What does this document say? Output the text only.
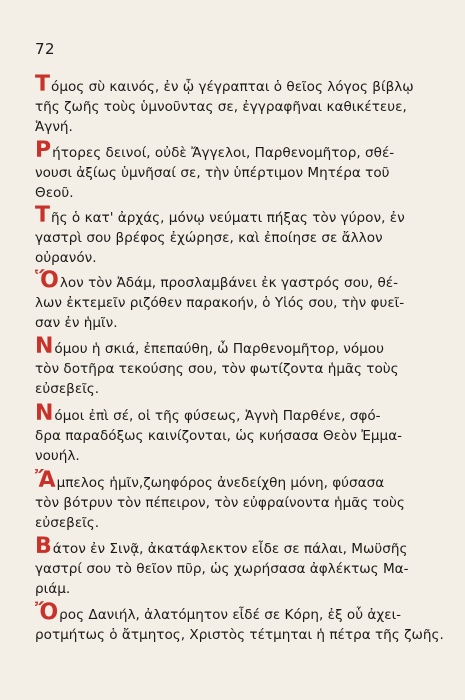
72
Τόμος σὺ καινός, ἐν ᾧ γέγραπται ὁ θεῖος λόγος βίβλῳ
τῆς ζωῆς τοὺς ὑμνοῦντας σε, ἐγγραφῆναι καθικέτευε,
Ἁγνή.
Ρήτορες δεινοί, οὐδὲ Ἄγγελοι, Παρθενομῆτορ, σθέ-
νουσι ἀξίως ὑμνῆσαί σε, τὴν ὑπέρτιμον Μητέρα τοῦ
Θεοῦ.
Τῆς ὁ κατ' ἀρχάς, μόνῳ νεύματι πήξας τὸν γύρον, ἐν
γαστρὶ σου βρέφος ἐχώρησε, καὶ ἐποίησε σε ἄλλον
οὐρανόν.
Ὅλον τὸν Ἀδάμ, προσλαμβάνει ἐκ γαστρός σου, θέ-
λων ἐκτεμεῖν ριζόθεν παρακοήν, ὁ Υἱός σου, τὴν φυεῖ-
σαν ἐν ἡμῖν.
Νόμου ἡ σκιά, ἐπεπαύθη, ὦ Παρθενομῆτορ, νόμου
τὸν δοτῆρα τεκούσης σου, τὸν φωτίζοντα ἡμᾶς τοὺς
εὐσεβεῖς.
Νόμοι ἐπὶ σέ, οἱ τῆς φύσεως, Ἁγνὴ Παρθένε, σφό-
δρα παραδόξως καινίζονται, ὡς κυήσασα Θεὸν Ἐμμα-
νουήλ.
Ἄμπελος ἡμῖν,ζωηφόρος ἀνεδείχθη μόνη, φύσασα
τὸν βότρυν τὸν πέπειρον, τὸν εὐφραίνοντα ἡμᾶς τοὺς
εὐσεβεῖς.
Βάτον ἐν Σινᾷ, ἀκατάφλεκτον εἶδε σε πάλαι, Μωϋσῆς
γαστρί σου τὸ θεῖον πῦρ, ὡς χωρήσασα ἀφλέκτως Μα-
ριάμ.
Ὄρος Δανιήλ, ἀλατόμητον εἶδέ σε Κόρη, ἐξ οὗ ἀχει-
ροτμήτως ὁ ἄτμητος, Χριστὸς τέτμηται ἡ πέτρα τῆς ζωῆς.
